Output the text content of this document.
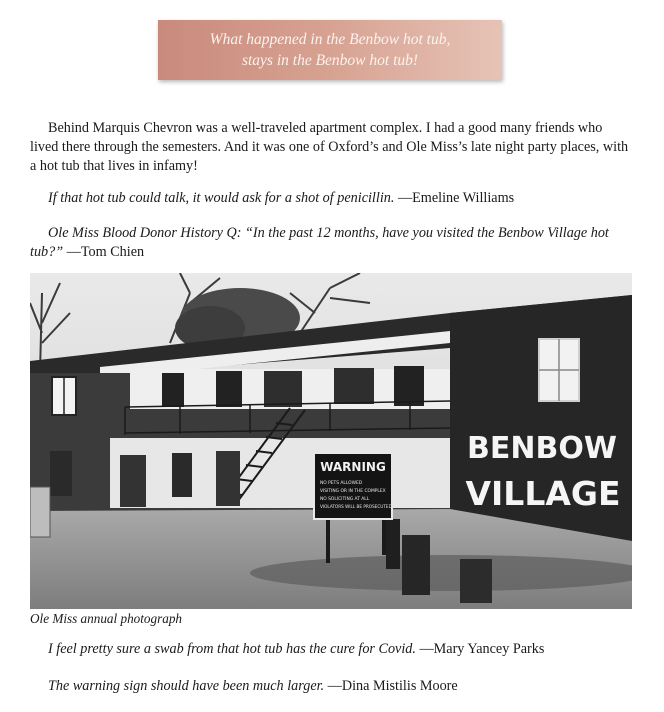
What happened in the Benbow hot tub,
stays in the Benbow hot tub!

Behind Marquis Chevron was a well-traveled apartment complex. I had a good many friends who lived there through the semesters. And it was one of Oxford’s and Ole Miss’s late night party places, with a hot tub that lives in infamy!

If that hot tub could talk, it would ask for a shot of penicillin. —Emeline Williams

Ole Miss Blood Donor History Q: “In the past 12 months, have you visited the Benbow Village hot tub?” —Tom Chien

BENBOW
VILLAGE
WARNING
NO PETS ALLOWED
VISITING OR IN THE COMPLEX
NO SOLICITING AT ALL
VIOLATORS WILL BE PROSECUTED

Ole Miss annual photograph

I feel pretty sure a swab from that hot tub has the cure for Covid. —Mary Yancey Parks

The warning sign should have been much larger. —Dina Mistilis Moore
